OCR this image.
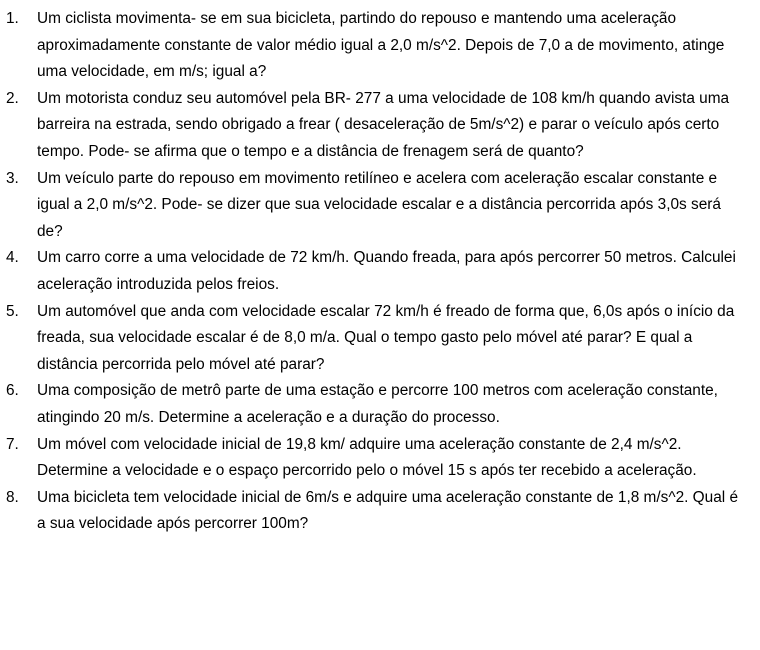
1.	Um ciclista movimenta- se em sua bicicleta, partindo do repouso e mantendo uma aceleração aproximadamente constante de valor médio igual a 2,0 m/s^2. Depois de 7,0 a de movimento, atinge uma velocidade, em m/s; igual a?
2.	Um motorista conduz seu automóvel pela BR- 277 a uma velocidade de 108 km/h quando avista uma barreira na estrada, sendo obrigado a frear ( desaceleração de 5m/s^2) e parar o veículo após certo tempo. Pode- se afirma que o tempo e a distância de frenagem será de quanto?
3.	Um veículo parte do repouso em movimento retilíneo e acelera com aceleração escalar constante e igual a 2,0 m/s^2. Pode- se dizer que sua velocidade escalar e a distância percorrida após 3,0s será de?
4.	Um carro corre a uma velocidade de 72 km/h. Quando freada, para após percorrer 50 metros. Calculei aceleração introduzida pelos freios.
5.	Um automóvel que anda com velocidade escalar 72 km/h é freado de forma que, 6,0s após o início da freada, sua velocidade escalar é de 8,0 m/a. Qual o tempo gasto pelo móvel até parar? E qual a distância percorrida pelo móvel até parar?
6.	Uma composição de metrô parte de uma estação e percorre 100 metros com aceleração constante, atingindo 20 m/s. Determine a aceleração e a duração do processo.
7.	Um móvel com velocidade inicial de 19,8 km/ adquire uma aceleração constante de 2,4 m/s^2. Determine a velocidade e o espaço percorrido pelo o móvel 15 s após ter recebido a aceleração.
8.	Uma bicicleta tem velocidade inicial de 6m/s e adquire uma aceleração constante de 1,8 m/s^2. Qual é a sua velocidade após percorrer 100m?
